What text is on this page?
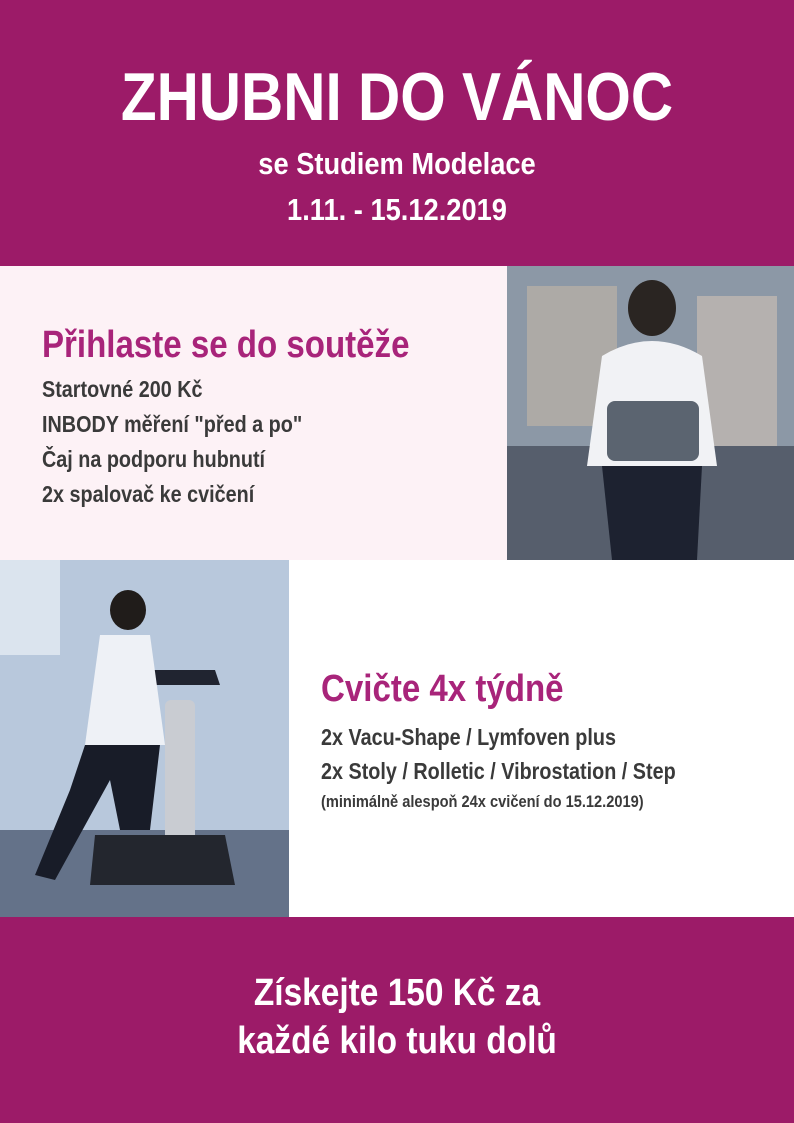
ZHUBNI DO VÁNOC
se Studiem Modelace
1.11. - 15.12.2019
Přihlaste se do soutěže
Startovné 200 Kč
INBODY měření "před a po"
Čaj na podporu hubnutí
2x spalovač ke cvičení
Cvičte 4x týdně
2x Vacu-Shape / Lymfoven plus
2x Stoly / Rolletic / Vibrostation / Step
(minimálně alespoň 24x cvičení do 15.12.2019)
Získejte 150 Kč za
každé kilo tuku dolů
